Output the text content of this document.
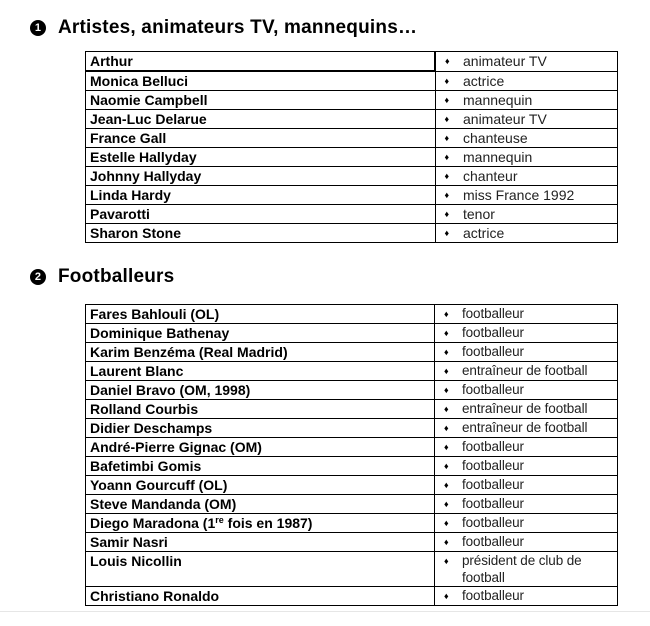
1 Artistes, animateurs TV, mannequins…
Arthur	♦	animateur TV
Monica Belluci	♦	actrice
Naomie Campbell	♦	mannequin
Jean-Luc Delarue	♦	animateur TV
France Gall	♦	chanteuse
Estelle Hallyday	♦	mannequin
Johnny Hallyday	♦	chanteur
Linda Hardy	♦	miss France 1992
Pavarotti	♦	tenor
Sharon Stone	♦	actrice
2 Footballeurs
Fares Bahlouli (OL)	♦	footballeur
Dominique Bathenay	♦	footballeur
Karim Benzéma (Real Madrid)	♦	footballeur
Laurent Blanc	♦	entraîneur de football
Daniel Bravo (OM, 1998)	♦	footballeur
Rolland Courbis	♦	entraîneur de football
Didier Deschamps	♦	entraîneur de football
André-Pierre Gignac (OM)	♦	footballeur
Bafetimbi Gomis	♦	footballeur
Yoann Gourcuff (OL)	♦	footballeur
Steve Mandanda (OM)	♦	footballeur
Diego Maradona (1re fois en 1987)	♦	footballeur
Samir Nasri	♦	footballeur
Louis Nicollin	♦	président de club de football
Christiano Ronaldo	♦	footballeur
